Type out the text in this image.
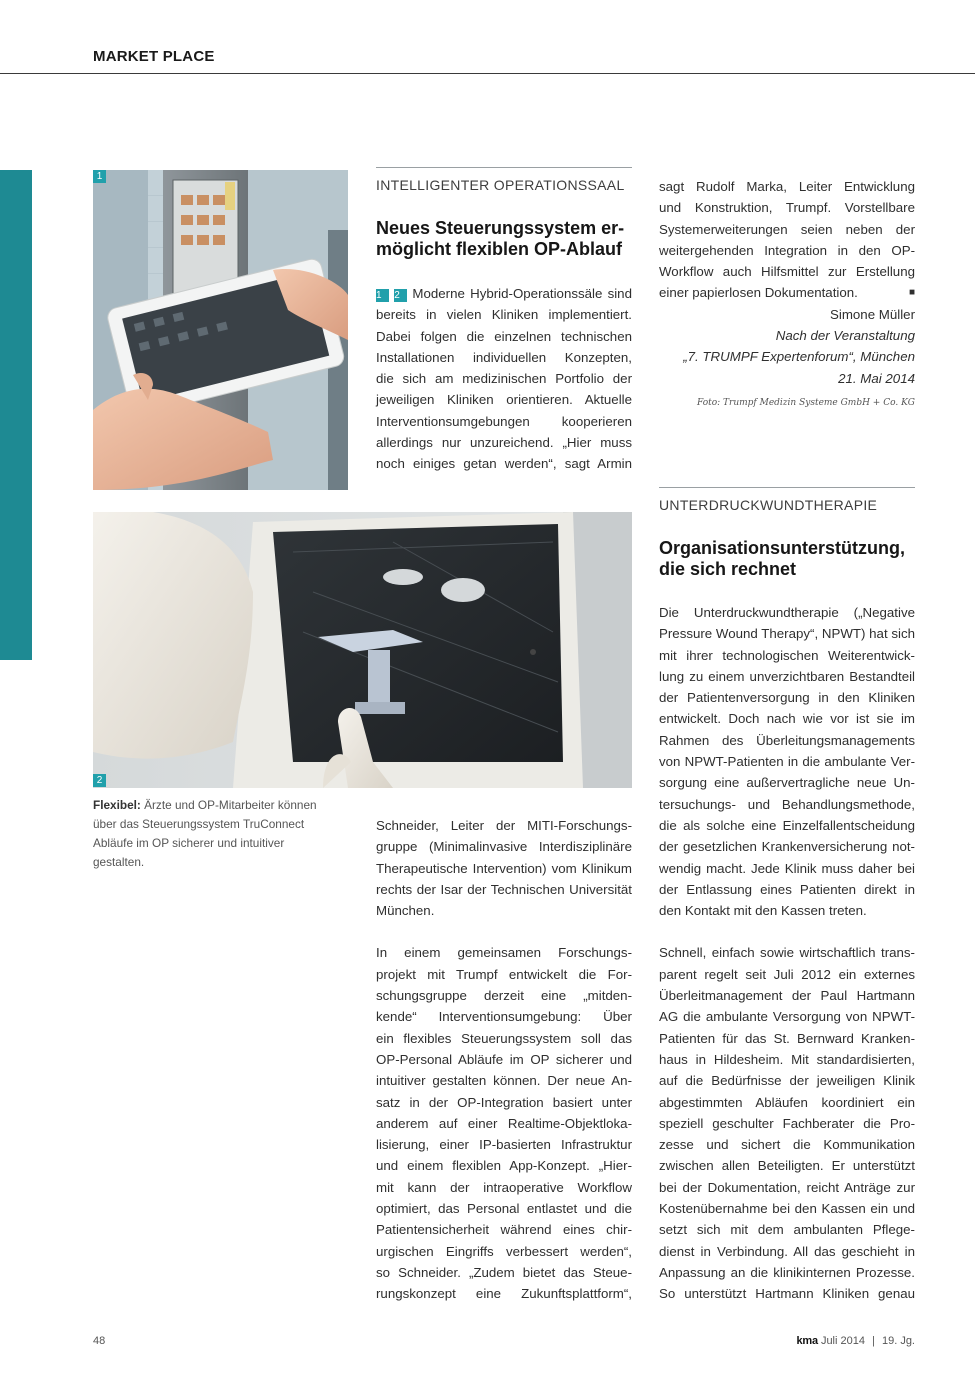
MARKET PLACE
1
2
Flexibel: Ärzte und OP-Mitarbeiter können über das Steuerungssystem TruConnect Abläufe im OP sicherer und intuitiver gestalten.
INTELLIGENTER OPERATIONSSAAL
Neues Steuerungssystem er-
möglicht flexiblen OP-Ablauf
1 2 Moderne Hybrid-Operationssäle sind
bereits in vielen Kliniken implementiert.
Dabei folgen die einzelnen technischen
Installationen individuellen Konzepten,
die sich am medizinischen Portfolio der
jeweiligen Kliniken orientieren. Aktuelle
Interventionsumgebungen kooperieren
allerdings nur unzureichend. „Hier muss
noch einiges getan werden“, sagt Armin

Schneider, Leiter der MITI-Forschungs-
gruppe (Minimalinvasive Interdisziplinäre
Therapeutische Intervention) vom Klinikum
rechts der Isar der Technischen Universität
München.

In einem gemeinsamen Forschungs-
projekt mit Trumpf entwickelt die For-
schungsgruppe derzeit eine „mitden-
kende“ Interventionsumgebung: Über
ein flexibles Steuerungssystem soll das
OP-Personal Abläufe im OP sicherer und
intuitiver gestalten können. Der neue An-
satz in der OP-Integration basiert unter
anderem auf einer Realtime-Objektloka-
lisierung, einer IP-basierten Infrastruktur
und einem flexiblen App-Konzept. „Hier-
mit kann der intraoperative Workflow
optimiert, das Personal entlastet und die
Patientensicherheit während eines chir-
urgischen Eingriffs verbessert werden“,
so Schneider. „Zudem bietet das Steue-
rungskonzept eine Zukunftsplattform“,

sagt Rudolf Marka, Leiter Entwicklung
und Konstruktion, Trumpf. Vorstellbare
Systemerweiterungen seien neben der
weitergehenden Integration in den OP-
Workflow auch Hilfsmittel zur Erstellung
einer papierlosen Dokumentation.	■
Simone Müller
Nach der Veranstaltung
„7. TRUMPF Expertenforum“, München
21. Mai 2014
Foto: Trumpf Medizin Systeme GmbH + Co. KG
UNTERDRUCKWUNDTHERAPIE
Organisationsunterstützung,
die sich rechnet

Die Unterdruckwundtherapie („Negative
Pressure Wound Therapy“, NPWT) hat sich
mit ihrer technologischen Weiterentwick-
lung zu einem unverzichtbaren Bestandteil
der Patientenversorgung in den Kliniken
entwickelt. Doch nach wie vor ist sie im
Rahmen des Überleitungsmanagements
von NPWT-Patienten in die ambulante Ver-
sorgung eine außervertragliche neue Un-
tersuchungs- und Behandlungsmethode,
die als solche eine Einzelfallentscheidung
der gesetzlichen Krankenversicherung not-
wendig macht. Jede Klinik muss daher bei
der Entlassung eines Patienten direkt in
den Kontakt mit den Kassen treten.

Schnell, einfach sowie wirtschaftlich trans-
parent regelt seit Juli 2012 ein externes
Überleitmanagement der Paul Hartmann
AG die ambulante Versorgung von NPWT-
Patienten für das St. Bernward Kranken-
haus in Hildesheim. Mit standardisierten,
auf die Bedürfnisse der jeweiligen Klinik
abgestimmten Abläufen koordiniert ein
speziell geschulter Fachberater die Pro-
zesse und sichert die Kommunikation
zwischen allen Beteiligten. Er unterstützt
bei der Dokumentation, reicht Anträge zur
Kostenübernahme bei den Kassen ein und
setzt sich mit dem ambulanten Pflege-
dienst in Verbindung. All das geschieht in
Anpassung an die klinikinternen Prozesse.
So unterstützt Hartmann Kliniken genau

48	kma Juli 2014 | 19. Jg.
